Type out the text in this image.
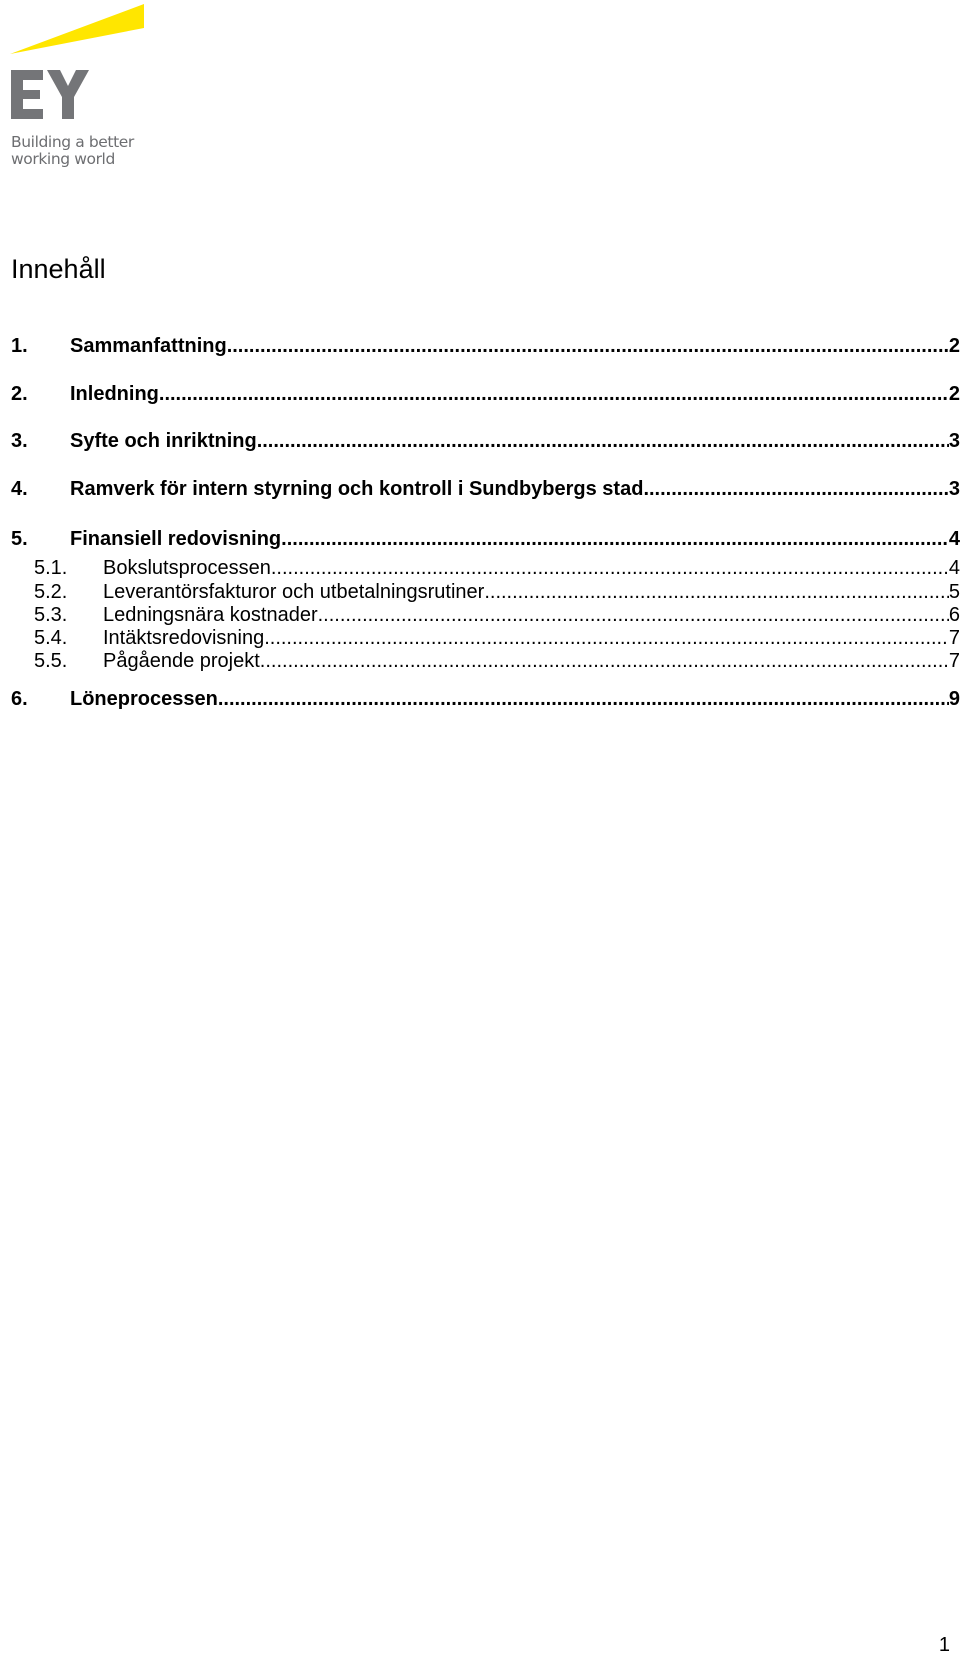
Building a better
working world
Innehåll
1.	Sammanfattning .....	2
2.	Inledning .....	2
3.	Syfte och inriktning .....	3
4.	Ramverk för intern styrning och kontroll i Sundbybergs stad .....	3
5.	Finansiell redovisning .....	4
5.1.	Bokslutsprocessen .....	4
5.2.	Leverantörsfakturor och utbetalningsrutiner .....	5
5.3.	Ledningsnära kostnader .....	6
5.4.	Intäktsredovisning .....	7
5.5.	Pågående projekt .....	7
6.	Löneprocessen .....	9
1
